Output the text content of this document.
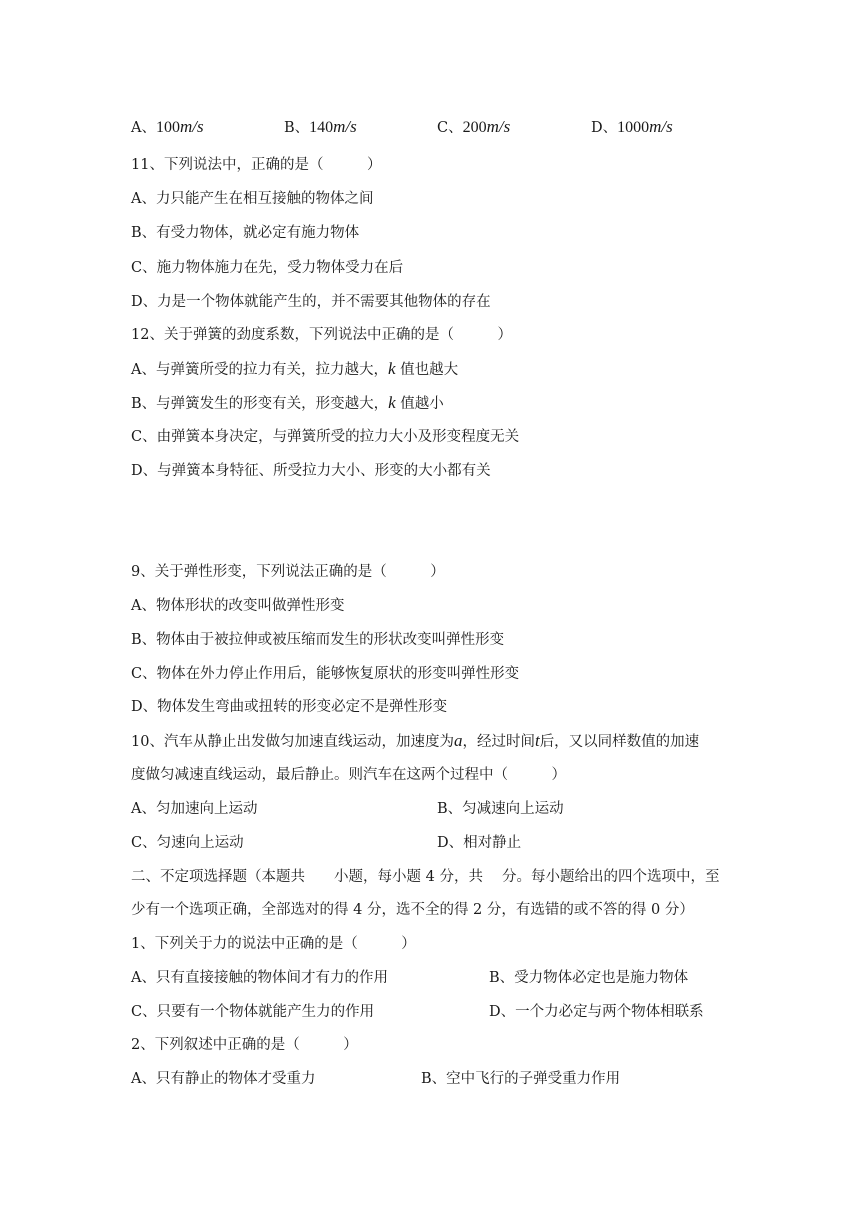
A、100m/s	B、140m/s	C、200m/s	D、1000m/s
11、下列说法中，正确的是（　　　）
A、力只能产生在相互接触的物体之间
B、有受力物体，就必定有施力物体
C、施力物体施力在先，受力物体受力在后
D、力是一个物体就能产生的，并不需要其他物体的存在
12、关于弹簧的劲度系数，下列说法中正确的是（　　　）
A、与弹簧所受的拉力有关，拉力越大，k 值也越大
B、与弹簧发生的形变有关，形变越大，k 值越小
C、由弹簧本身决定，与弹簧所受的拉力大小及形变程度无关
D、与弹簧本身特征、所受拉力大小、形变的大小都有关
9、关于弹性形变，下列说法正确的是（　　　）
A、物体形状的改变叫做弹性形变
B、物体由于被拉伸或被压缩而发生的形状改变叫弹性形变
C、物体在外力停止作用后，能够恢复原状的形变叫弹性形变
D、物体发生弯曲或扭转的形变必定不是弹性形变
10、汽车从静止出发做匀加速直线运动，加速度为a，经过时间t后，又以同样数值的加速
度做匀减速直线运动，最后静止。则汽车在这两个过程中（　　　）
A、匀加速向上运动	B、匀减速向上运动
C、匀速向上运动	D、相对静止
二、不定项选择题（本题共　　小题，每小题 4 分，共　 分。每小题给出的四个选项中，至
少有一个选项正确，全部选对的得 4 分，选不全的得 2 分，有选错的或不答的得 0 分）
1、下列关于力的说法中正确的是（　　　）
A、只有直接接触的物体间才有力的作用	B、受力物体必定也是施力物体
C、只要有一个物体就能产生力的作用	D、一个力必定与两个物体相联系
2、下列叙述中正确的是（　　　）
A、只有静止的物体才受重力	B、空中飞行的子弹受重力作用
